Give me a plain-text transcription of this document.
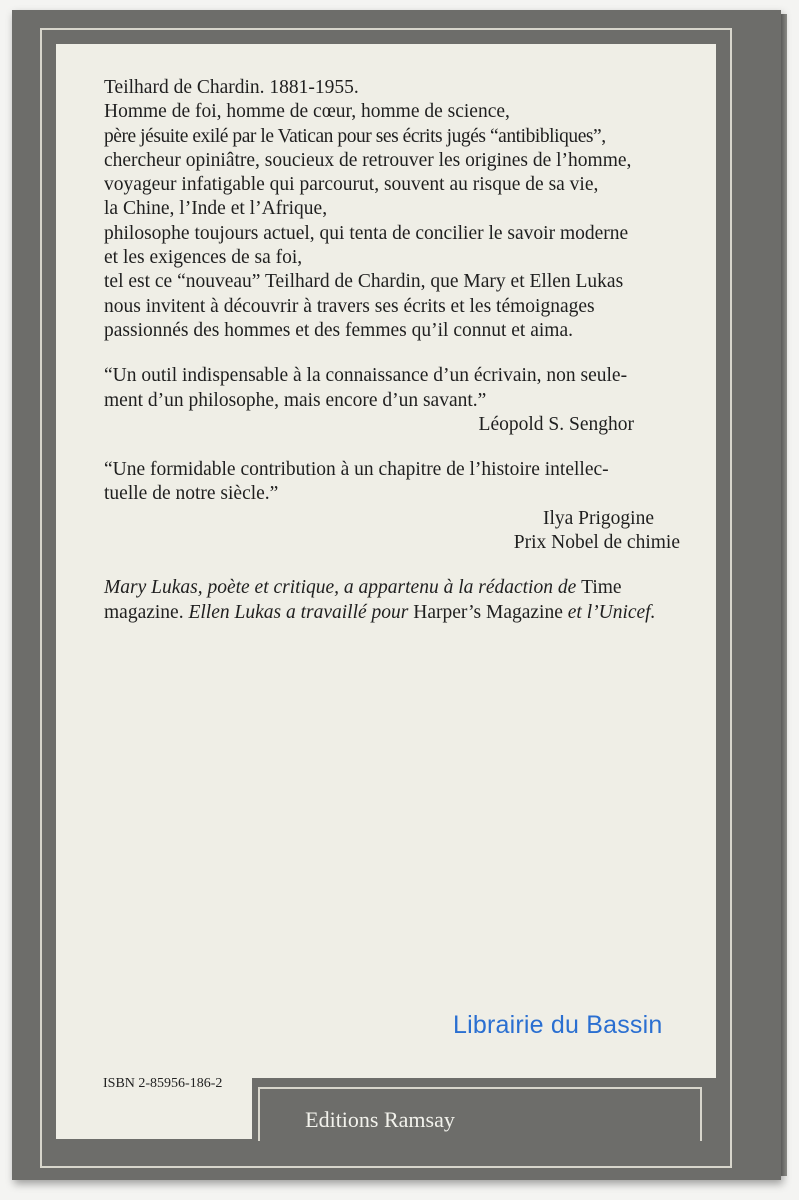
Teilhard de Chardin. 1881-1955.

Homme de foi, homme de cœur, homme de science,

père jésuite exilé par le Vatican pour ses écrits jugés “antibibliques”,

chercheur opiniâtre, soucieux de retrouver les origines de l’homme,

voyageur infatigable qui parcourut, souvent au risque de sa vie,

la Chine, l’Inde et l’Afrique,

philosophe toujours actuel, qui tenta de concilier le savoir moderne

et les exigences de sa foi,

tel est ce “nouveau” Teilhard de Chardin, que Mary et Ellen Lukas

nous invitent à découvrir à travers ses écrits et les témoignages

passionnés des hommes et des femmes qu’il connut et aima.

“Un outil indispensable à la connaissance d’un écrivain, non seule-

ment d’un philosophe, mais encore d’un savant.”

Léopold S. Senghor

“Une formidable contribution à un chapitre de l’histoire intellec-

tuelle de notre siècle.”

Ilya Prigogine

Prix Nobel de chimie

Mary Lukas, poète et critique, a appartenu à la rédaction de Time

magazine. Ellen Lukas a travaillé pour Harper’s Magazine et l’Unicef.

Librairie du Bassin
ISBN 2-85956-186-2
Editions Ramsay
